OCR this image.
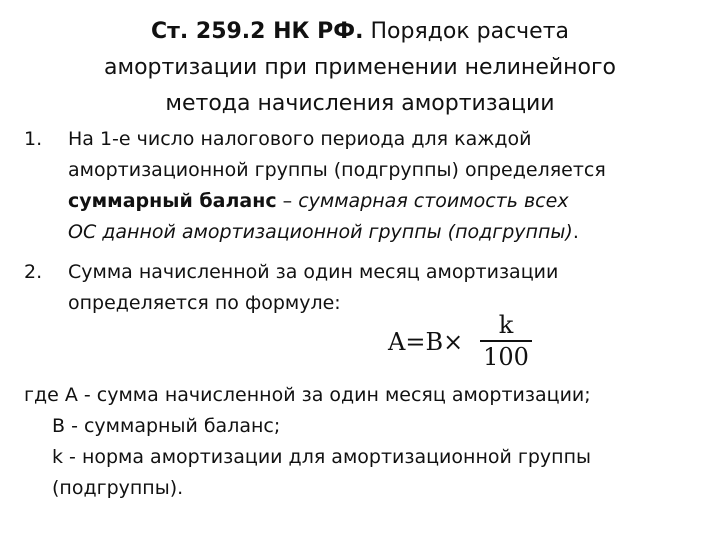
Ст. 259.2 НК РФ. Порядок расчета
амортизации при применении нелинейного
метода начисления амортизации
1. На 1-е число налогового периода для каждой
амортизационной группы (подгруппы) определяется
суммарный баланс – суммарная стоимость всех
ОС данной амортизационной группы (подгруппы).
2. Сумма начисленной за один месяц амортизации
определяется по формуле:
A=B×
k
100
где А - сумма начисленной за один месяц амортизации;
В - суммарный баланс;
k - норма амортизации для амортизационной группы
(подгруппы).
